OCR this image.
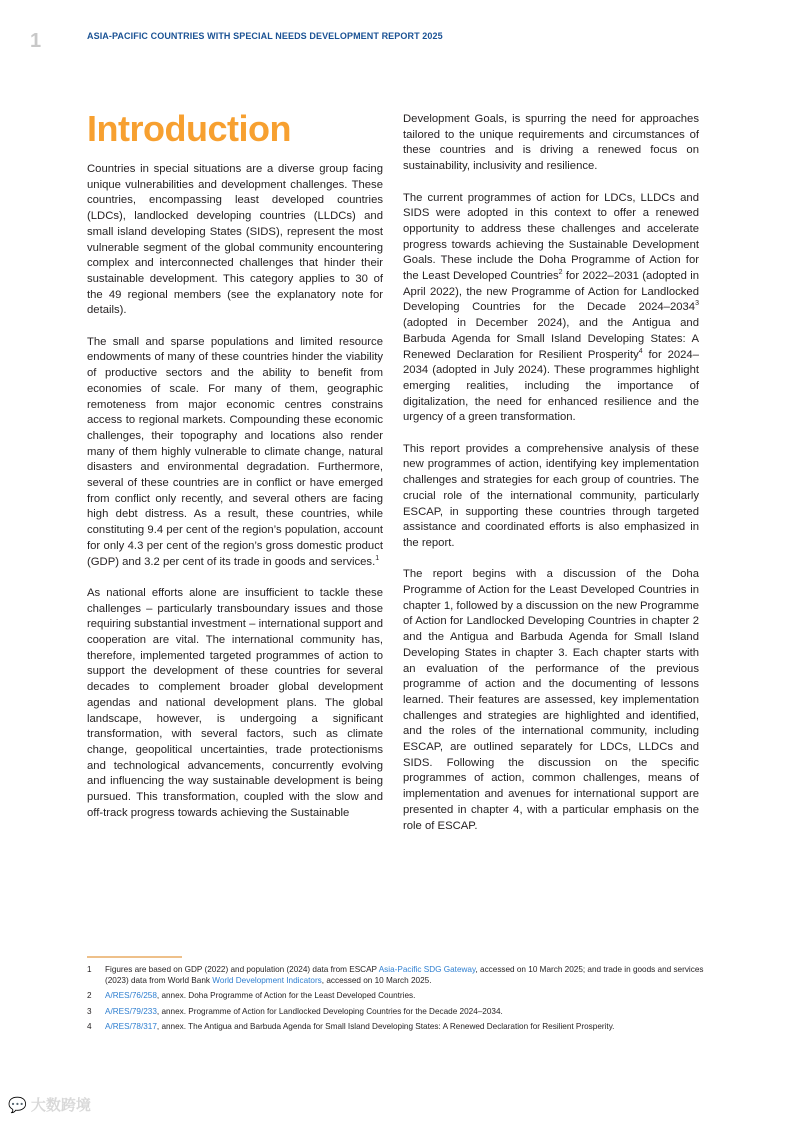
1	ASIA-PACIFIC COUNTRIES WITH SPECIAL NEEDS DEVELOPMENT REPORT 2025
Introduction

Countries in special situations are a diverse group facing unique vulnerabilities and development challenges. These countries, encompassing least developed countries (LDCs), landlocked developing countries (LLDCs) and small island developing States (SIDS), represent the most vulnerable segment of the global community encountering complex and interconnected challenges that hinder their sustainable development. This category applies to 30 of the 49 regional members (see the explanatory note for details).

The small and sparse populations and limited resource endowments of many of these countries hinder the viability of productive sectors and the ability to benefit from economies of scale. For many of them, geographic remoteness from major economic centres constrains access to regional markets. Compounding these economic challenges, their topography and locations also render many of them highly vulnerable to climate change, natural disasters and environmental degradation. Furthermore, several of these countries are in conflict or have emerged from conflict only recently, and several others are facing high debt distress. As a result, these countries, while constituting 9.4 per cent of the region’s population, account for only 4.3 per cent of the region’s gross domestic product (GDP) and 3.2 per cent of its trade in goods and services.$^1$

As national efforts alone are insufficient to tackle these challenges – particularly transboundary issues and those requiring substantial investment – international support and cooperation are vital. The international community has, therefore, implemented targeted programmes of action to support the development of these countries for several decades to complement broader global development agendas and national development plans. The global landscape, however, is undergoing a significant transformation, with several factors, such as climate change, geopolitical uncertainties, trade protectionisms and technological advancements, concurrently evolving and influencing the way sustainable development is being pursued. This transformation, coupled with the slow and off-track progress towards achieving the Sustainable

Development Goals, is spurring the need for approaches tailored to the unique requirements and circumstances of these countries and is driving a renewed focus on sustainability, inclusivity and resilience.

The current programmes of action for LDCs, LLDCs and SIDS were adopted in this context to offer a renewed opportunity to address these challenges and accelerate progress towards achieving the Sustainable Development Goals. These include the Doha Programme of Action for the Least Developed Countries$^2$ for 2022–2031 (adopted in April 2022), the new Programme of Action for Landlocked Developing Countries for the Decade 2024–2034$^3$ (adopted in December 2024), and the Antigua and Barbuda Agenda for Small Island Developing States: A Renewed Declaration for Resilient Prosperity$^4$ for 2024–2034 (adopted in July 2024). These programmes highlight emerging realities, including the importance of digitalization, the need for enhanced resilience and the urgency of a green transformation.

This report provides a comprehensive analysis of these new programmes of action, identifying key implementation challenges and strategies for each group of countries. The crucial role of the international community, particularly ESCAP, in supporting these countries through targeted assistance and coordinated efforts is also emphasized in the report.

The report begins with a discussion of the Doha Programme of Action for the Least Developed Countries in chapter 1, followed by a discussion on the new Programme of Action for Landlocked Developing Countries in chapter 2 and the Antigua and Barbuda Agenda for Small Island Developing States in chapter 3. Each chapter starts with an evaluation of the performance of the previous programme of action and the documenting of lessons learned. Their features are assessed, key implementation challenges and strategies are highlighted and identified, and the roles of the international community, including ESCAP, are outlined separately for LDCs, LLDCs and SIDS. Following the discussion on the specific programmes of action, common challenges, means of implementation and avenues for international support are presented in chapter 4, with a particular emphasis on the role of ESCAP.

1	Figures are based on GDP (2022) and population (2024) data from ESCAP Asia-Pacific SDG Gateway, accessed on 10 March 2025; and trade in goods and services (2023) data from World Bank World Development Indicators, accessed on 10 March 2025.
2	A/RES/76/258, annex. Doha Programme of Action for the Least Developed Countries.
3	A/RES/79/233, annex. Programme of Action for Landlocked Developing Countries for the Decade 2024–2034.
4	A/RES/78/317, annex. The Antigua and Barbuda Agenda for Small Island Developing States: A Renewed Declaration for Resilient Prosperity.
💬 大数跨境
